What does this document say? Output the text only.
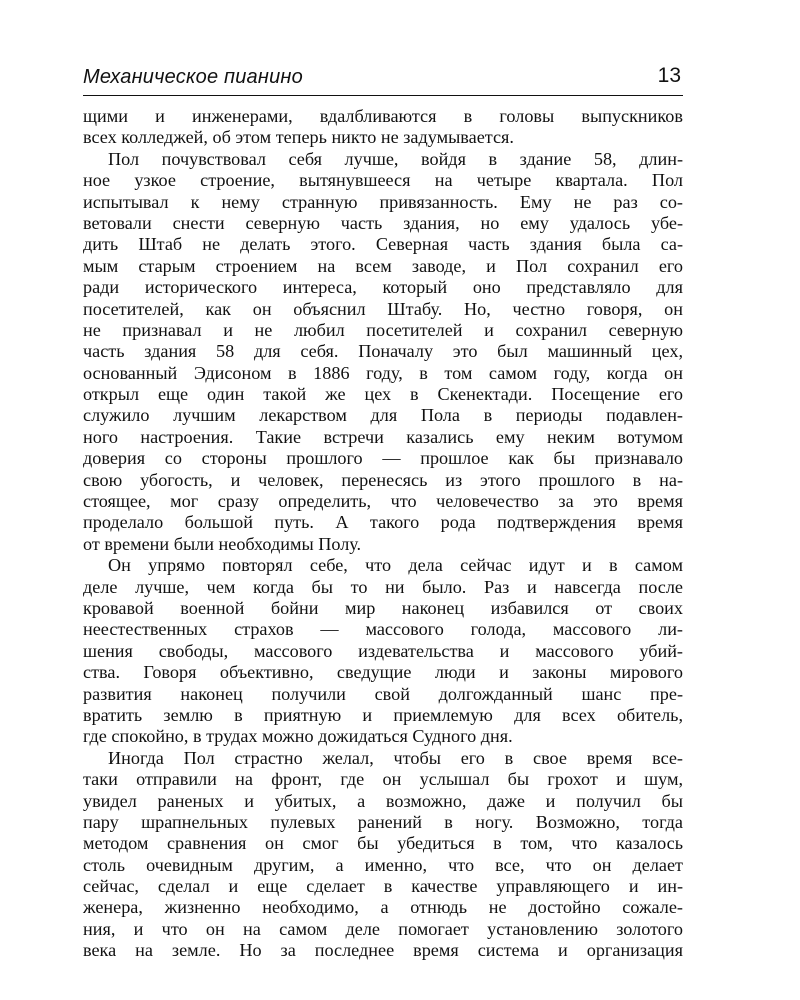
Механическое пианино	13
щими и инженерами, вдалбливаются в головы выпускников
всех колледжей, об этом теперь никто не задумывается.
Пол почувствовал себя лучше, войдя в здание 58, длин-
ное узкое строение, вытянувшееся на четыре квартала. Пол
испытывал к нему странную привязанность. Ему не раз со-
ветовали снести северную часть здания, но ему удалось убе-
дить Штаб не делать этого. Северная часть здания была са-
мым старым строением на всем заводе, и Пол сохранил его
ради исторического интереса, который оно представляло для
посетителей, как он объяснил Штабу. Но, честно говоря, он
не признавал и не любил посетителей и сохранил северную
часть здания 58 для себя. Поначалу это был машинный цех,
основанный Эдисоном в 1886 году, в том самом году, когда он
открыл еще один такой же цех в Скенектади. Посещение его
служило лучшим лекарством для Пола в периоды подавлен-
ного настроения. Такие встречи казались ему неким вотумом
доверия со стороны прошлого — прошлое как бы признавало
свою убогость, и человек, перенесясь из этого прошлого в на-
стоящее, мог сразу определить, что человечество за это время
проделало большой путь. А такого рода подтверждения время
от времени были необходимы Полу.
Он упрямо повторял себе, что дела сейчас идут и в самом
деле лучше, чем когда бы то ни было. Раз и навсегда после
кровавой военной бойни мир наконец избавился от своих
неестественных страхов — массового голода, массового ли-
шения свободы, массового издевательства и массового убий-
ства. Говоря объективно, сведущие люди и законы мирового
развития наконец получили свой долгожданный шанс пре-
вратить землю в приятную и приемлемую для всех обитель,
где спокойно, в трудах можно дожидаться Судного дня.
Иногда Пол страстно желал, чтобы его в свое время все-
таки отправили на фронт, где он услышал бы грохот и шум,
увидел раненых и убитых, а возможно, даже и получил бы
пару шрапнельных пулевых ранений в ногу. Возможно, тогда
методом сравнения он смог бы убедиться в том, что казалось
столь очевидным другим, а именно, что все, что он делает
сейчас, сделал и еще сделает в качестве управляющего и ин-
женера, жизненно необходимо, а отнюдь не достойно сожале-
ния, и что он на самом деле помогает установлению золотого
века на земле. Но за последнее время система и организация
